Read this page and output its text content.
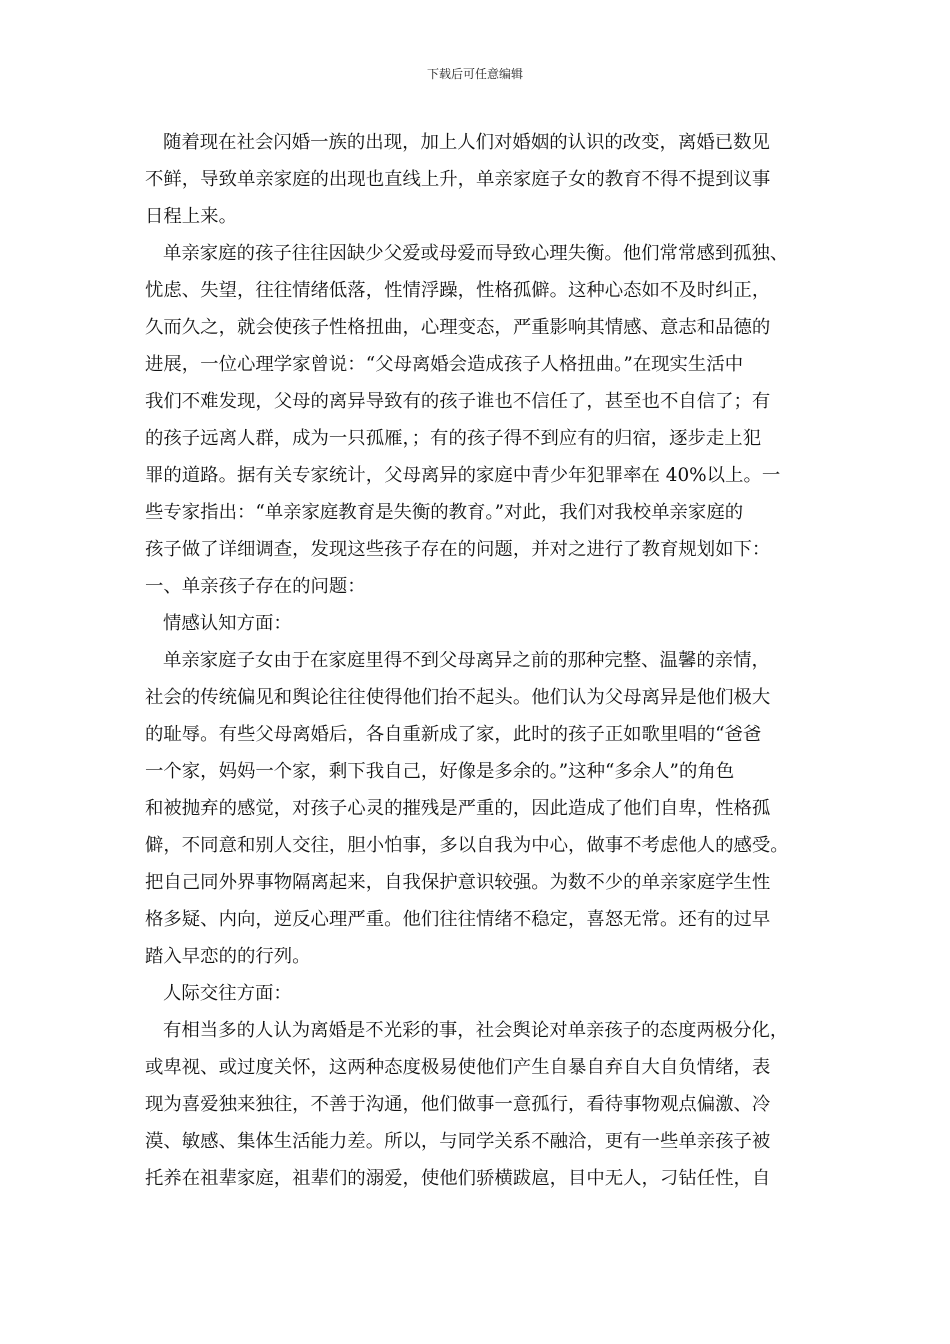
下载后可任意编辑
随着现在社会闪婚一族的出现，加上人们对婚姻的认识的改变，离婚已数见
不鲜，导致单亲家庭的出现也直线上升，单亲家庭子女的教育不得不提到议事
日程上来。
单亲家庭的孩子往往因缺少父爱或母爱而导致心理失衡。他们常常感到孤独、
忧虑、失望，往往情绪低落，性情浮躁，性格孤僻。这种心态如不及时纠正，
久而久之，就会使孩子性格扭曲，心理变态，严重影响其情感、意志和品德的
进展，一位心理学家曾说：“父母离婚会造成孩子人格扭曲。”在现实生活中
我们不难发现，父母的离异导致有的孩子谁也不信任了，甚至也不自信了；有
的孩子远离人群，成为一只孤雁，；有的孩子得不到应有的归宿，逐步走上犯
罪的道路。据有关专家统计，父母离异的家庭中青少年犯罪率在 40%以上。一
些专家指出：“单亲家庭教育是失衡的教育。”对此，我们对我校单亲家庭的
孩子做了详细调查，发现这些孩子存在的问题，并对之进行了教育规划如下：
一、单亲孩子存在的问题：
情感认知方面：
单亲家庭子女由于在家庭里得不到父母离异之前的那种完整、温馨的亲情，
社会的传统偏见和舆论往往使得他们抬不起头。他们认为父母离异是他们极大
的耻辱。有些父母离婚后，各自重新成了家，此时的孩子正如歌里唱的“爸爸
一个家，妈妈一个家，剩下我自己，好像是多余的。”这种“多余人”的角色
和被抛弃的感觉，对孩子心灵的摧残是严重的，因此造成了他们自卑，性格孤
僻，不同意和别人交往，胆小怕事，多以自我为中心，做事不考虑他人的感受。
把自己同外界事物隔离起来，自我保护意识较强。为数不少的单亲家庭学生性
格多疑、内向，逆反心理严重。他们往往情绪不稳定，喜怒无常。还有的过早
踏入早恋的的行列。
人际交往方面：
有相当多的人认为离婚是不光彩的事，社会舆论对单亲孩子的态度两极分化，
或卑视、或过度关怀，这两种态度极易使他们产生自暴自弃自大自负情绪，表
现为喜爱独来独往，不善于沟通，他们做事一意孤行，看待事物观点偏激、冷
漠、敏感、集体生活能力差。所以，与同学关系不融洽，更有一些单亲孩子被
托养在祖辈家庭，祖辈们的溺爱，使他们骄横跋扈，目中无人，刁钻任性，自
